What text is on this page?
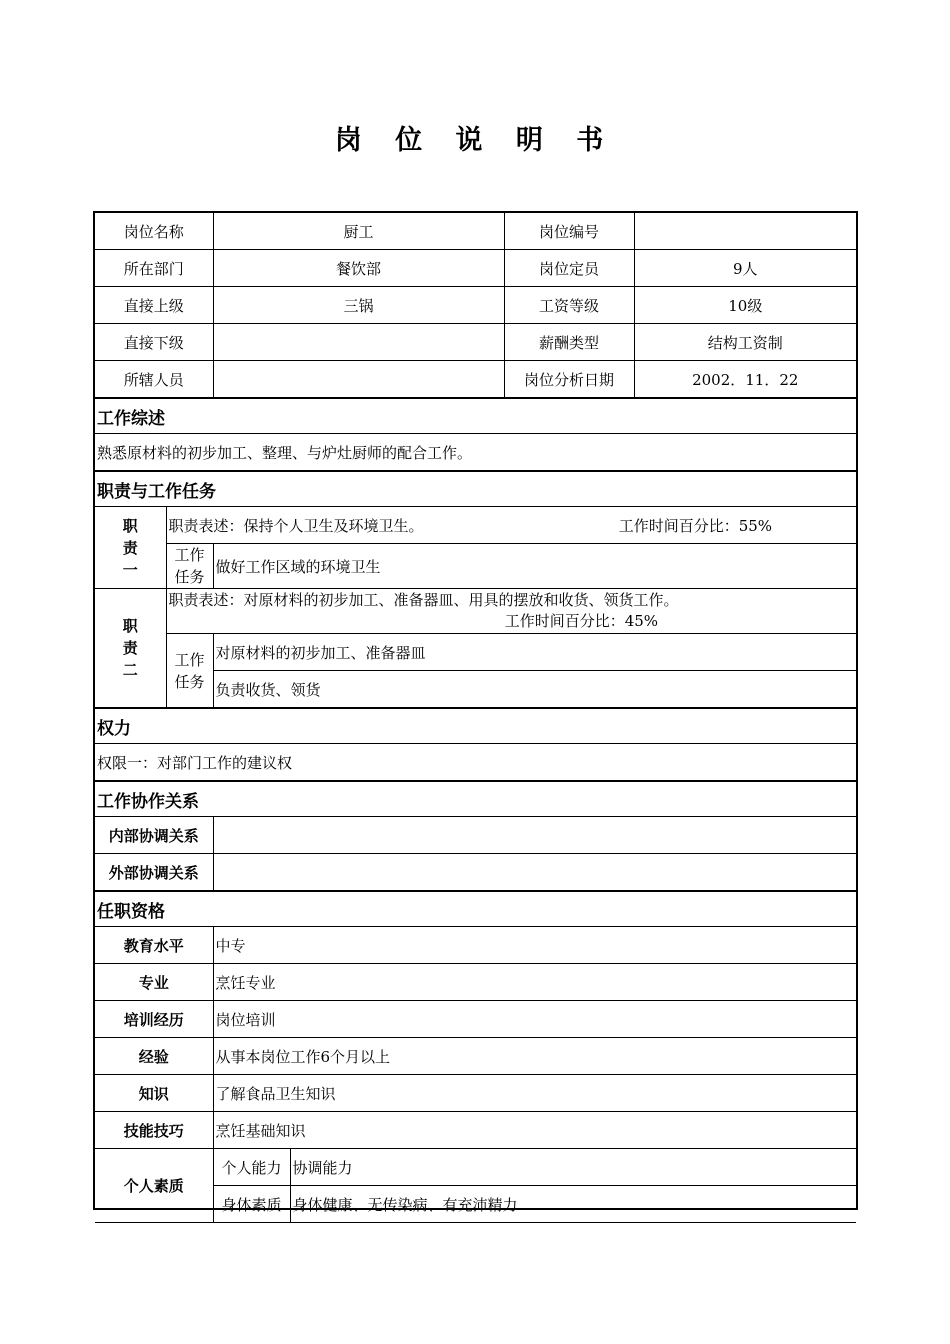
岗 位 说 明 书
岗位名称		厨工		岗位编号	
所在部门		餐饮部		岗位定员	9人
直接上级		三锅		工资等级	10级
直接下级				薪酬类型	结构工资制
所辖人员				岗位分析日期	2002．11．22
工作综述					
熟悉原材料的初步加工、整理、与炉灶厨师的配合工作。					
职责与工作任务					

职
责
一	职责表述：保持个人卫生及环境卫生。 工作时间百分比：55%				

	工作
任务	做好工作区域的环境卫生			

职
责
二	职责表述：对原材料的初步加工、准备器皿、用具的摆放和收货、领货工作。
工作时间百分比：45%				

	工作
任务	对原材料的初步加工、准备器皿			
		负责收货、领货			
权力					
权限一：对部门工作的建议权					
工作协作关系					
内部协调关系					
外部协调关系					
任职资格					
教育水平		中专			
专业		烹饪专业			
培训经历		岗位培训			
经验		从事本岗位工作6个月以上			
知识		了解食品卫生知识			
技能技巧		烹饪基础知识			
个人素质		个人能力	协调能力		
		身体素质	身体健康、无传染病、有充沛精力		
